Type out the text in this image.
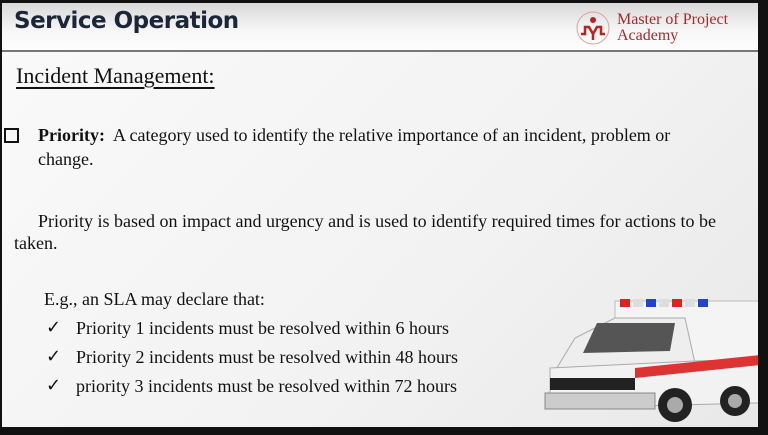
Service Operation	Master of Project
Academy
Incident Management:
Priority: A category used to identify the relative importance of an incident, problem or
change.
Priority is based on impact and urgency and is used to identify required times for actions to be
taken.
E.g., an SLA may declare that:
✓ Priority 1 incidents must be resolved within 6 hours
✓ Priority 2 incidents must be resolved within 48 hours
✓ priority 3 incidents must be resolved within 72 hours
